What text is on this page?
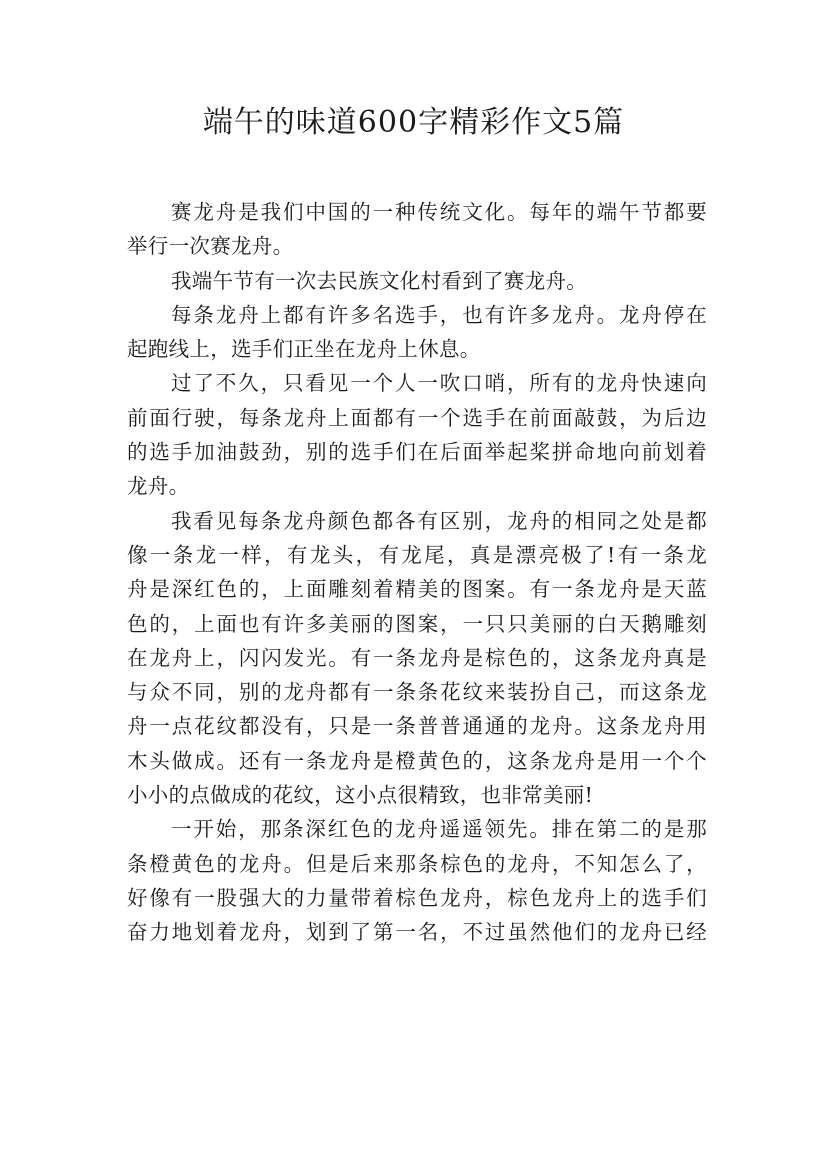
端午的味道600字精彩作文5篇

赛龙舟是我们中国的一种传统文化。每年的端午节都要
举行一次赛龙舟。

我端午节有一次去民族文化村看到了赛龙舟。

每条龙舟上都有许多名选手，也有许多龙舟。龙舟停在
起跑线上，选手们正坐在龙舟上休息。

过了不久，只看见一个人一吹口哨，所有的龙舟快速向
前面行驶，每条龙舟上面都有一个选手在前面敲鼓，为后边
的选手加油鼓劲，别的选手们在后面举起桨拼命地向前划着
龙舟。

我看见每条龙舟颜色都各有区别，龙舟的相同之处是都
像一条龙一样，有龙头，有龙尾，真是漂亮极了!有一条龙
舟是深红色的，上面雕刻着精美的图案。有一条龙舟是天蓝
色的，上面也有许多美丽的图案，一只只美丽的白天鹅雕刻
在龙舟上，闪闪发光。有一条龙舟是棕色的，这条龙舟真是
与众不同，别的龙舟都有一条条花纹来装扮自己，而这条龙
舟一点花纹都没有，只是一条普普通通的龙舟。这条龙舟用
木头做成。还有一条龙舟是橙黄色的，这条龙舟是用一个个
小小的点做成的花纹，这小点很精致，也非常美丽!

一开始，那条深红色的龙舟遥遥领先。排在第二的是那
条橙黄色的龙舟。但是后来那条棕色的龙舟，不知怎么了，
好像有一股强大的力量带着棕色龙舟，棕色龙舟上的选手们
奋力地划着龙舟，划到了第一名，不过虽然他们的龙舟已经
